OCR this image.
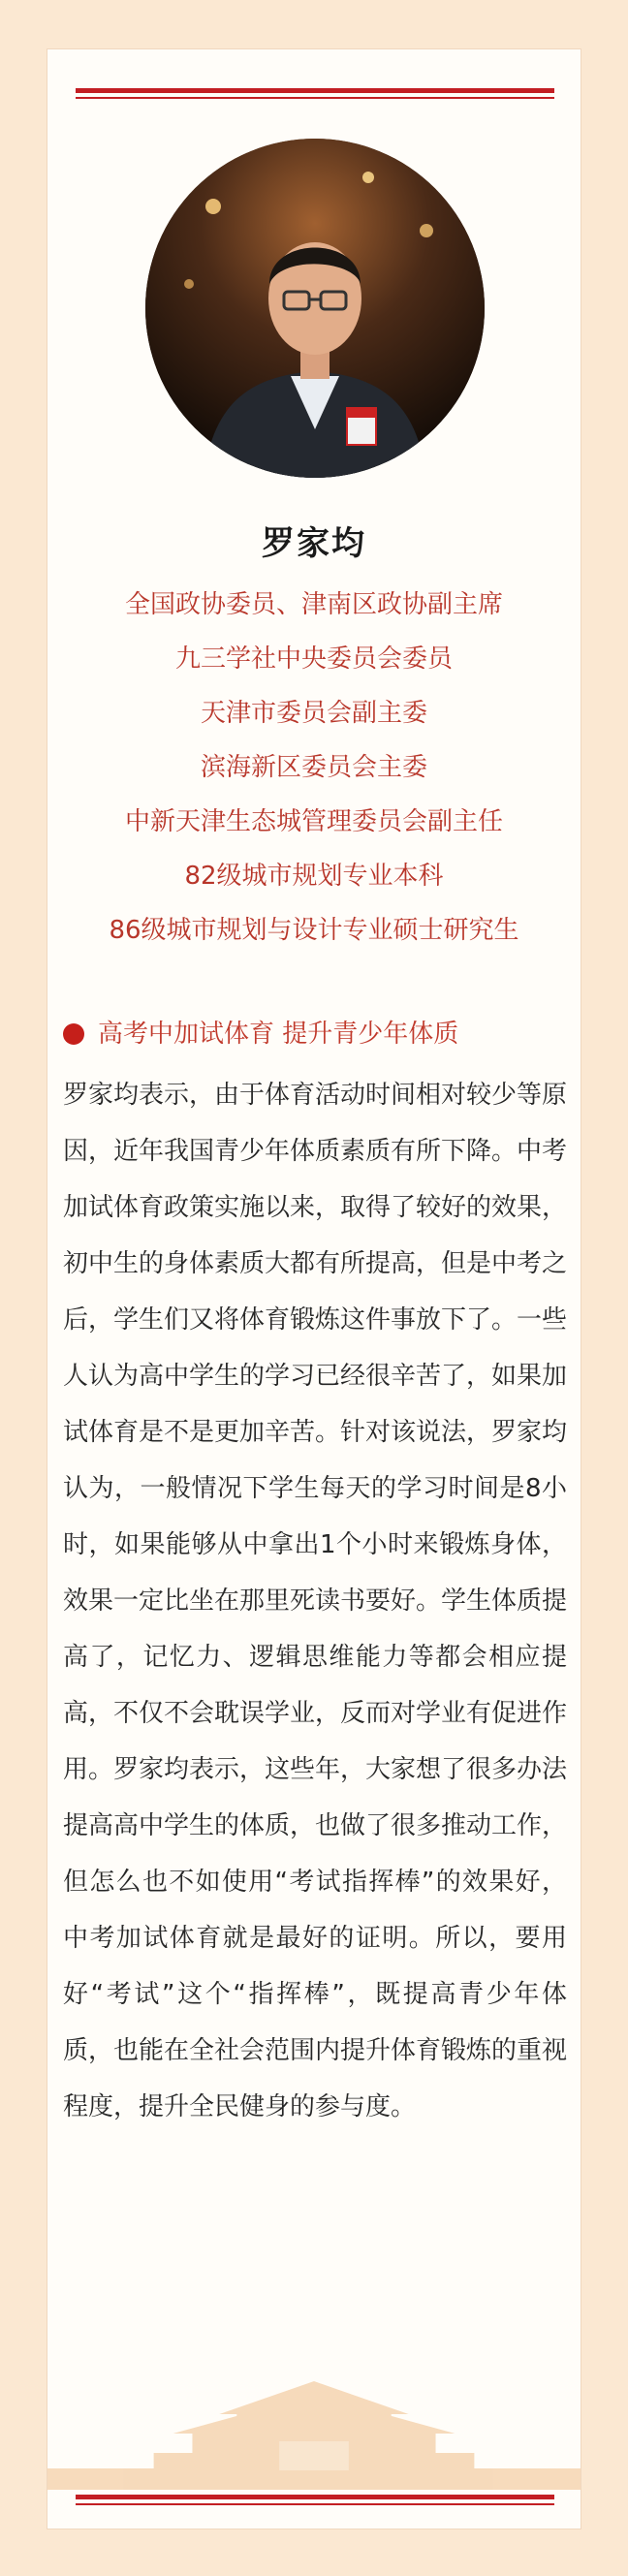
罗家均
全国政协委员、津南区政协副主席
九三学社中央委员会委员
天津市委员会副主委
滨海新区委员会主委
中新天津生态城管理委员会副主任
82级城市规划专业本科
86级城市规划与设计专业硕士研究生
高考中加试体育 提升青少年体质

罗家均表示，由于体育活动时间相对较少等原因，近年我国青少年体质素质有所下降。中考加试体育政策实施以来，取得了较好的效果，初中生的身体素质大都有所提高，但是中考之后，学生们又将体育锻炼这件事放下了。一些人认为高中学生的学习已经很辛苦了，如果加试体育是不是更加辛苦。针对该说法，罗家均认为，一般情况下学生每天的学习时间是8小时，如果能够从中拿出1个小时来锻炼身体，效果一定比坐在那里死读书要好。学生体质提高了，记忆力、逻辑思维能力等都会相应提高，不仅不会耽误学业，反而对学业有促进作用。罗家均表示，这些年，大家想了很多办法提高高中学生的体质，也做了很多推动工作，但怎么也不如使用“考试指挥棒”的效果好，中考加试体育就是最好的证明。所以，要用好“考试”这个“指挥棒”，既提高青少年体质，也能在全社会范围内提升体育锻炼的重视程度，提升全民健身的参与度。
